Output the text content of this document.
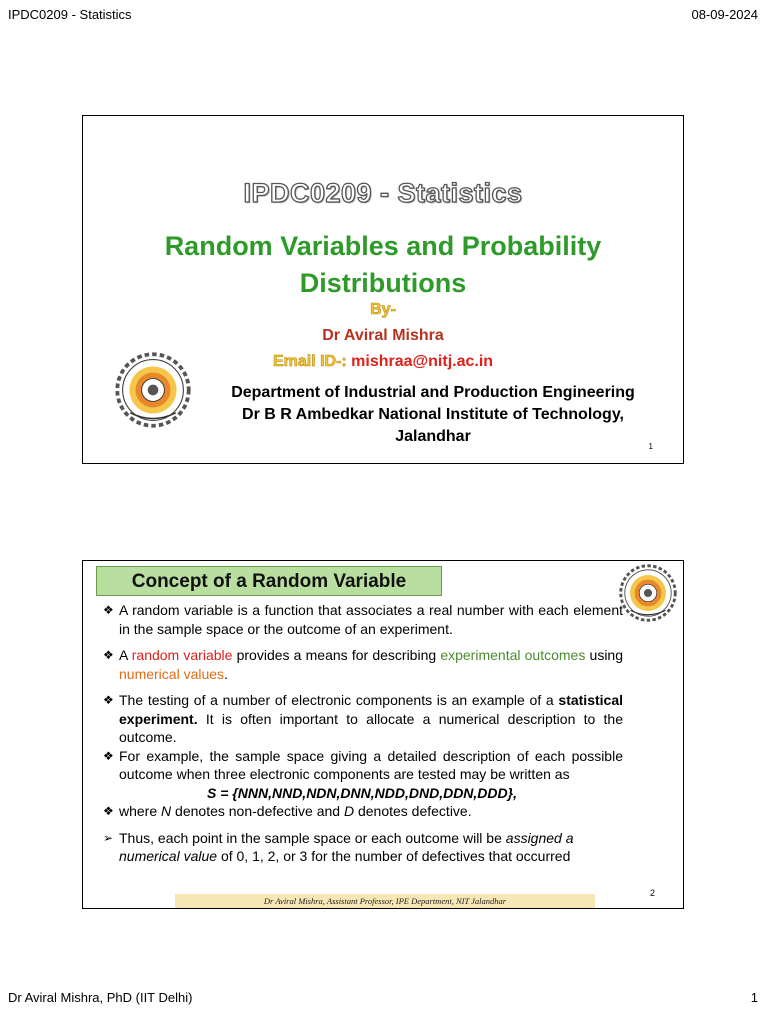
IPDC0209 - Statistics	08-09-2024
IPDC0209 - Statistics
Random Variables and Probability
Distributions
By-
Dr Aviral Mishra
Email ID-: mishraa@nitj.ac.in
Department of Industrial and Production Engineering
Dr B R Ambedkar National Institute of Technology,
Jalandhar
1
Concept of a Random Variable
❖ A random variable is a function that associates a real number with each element in the sample space or the outcome of an experiment.
❖ A random variable provides a means for describing experimental outcomes using numerical values.
❖ The testing of a number of electronic components is an example of a statistical experiment. It is often important to allocate a numerical description to the outcome.
❖ For example, the sample space giving a detailed description of each possible outcome when three electronic components are tested may be written as
S = {NNN,NND,NDN,DNN,NDD,DND,DDN,DDD},
❖ where N denotes non-defective and D denotes defective.
➢ Thus, each point in the sample space or each outcome will be assigned a numerical value of 0, 1, 2, or 3 for the number of defectives that occurred
2
Dr Aviral Mishra, Assistant Professor, IPE Department, NIT Jalandhar
Dr Aviral Mishra, PhD (IIT Delhi)	1
